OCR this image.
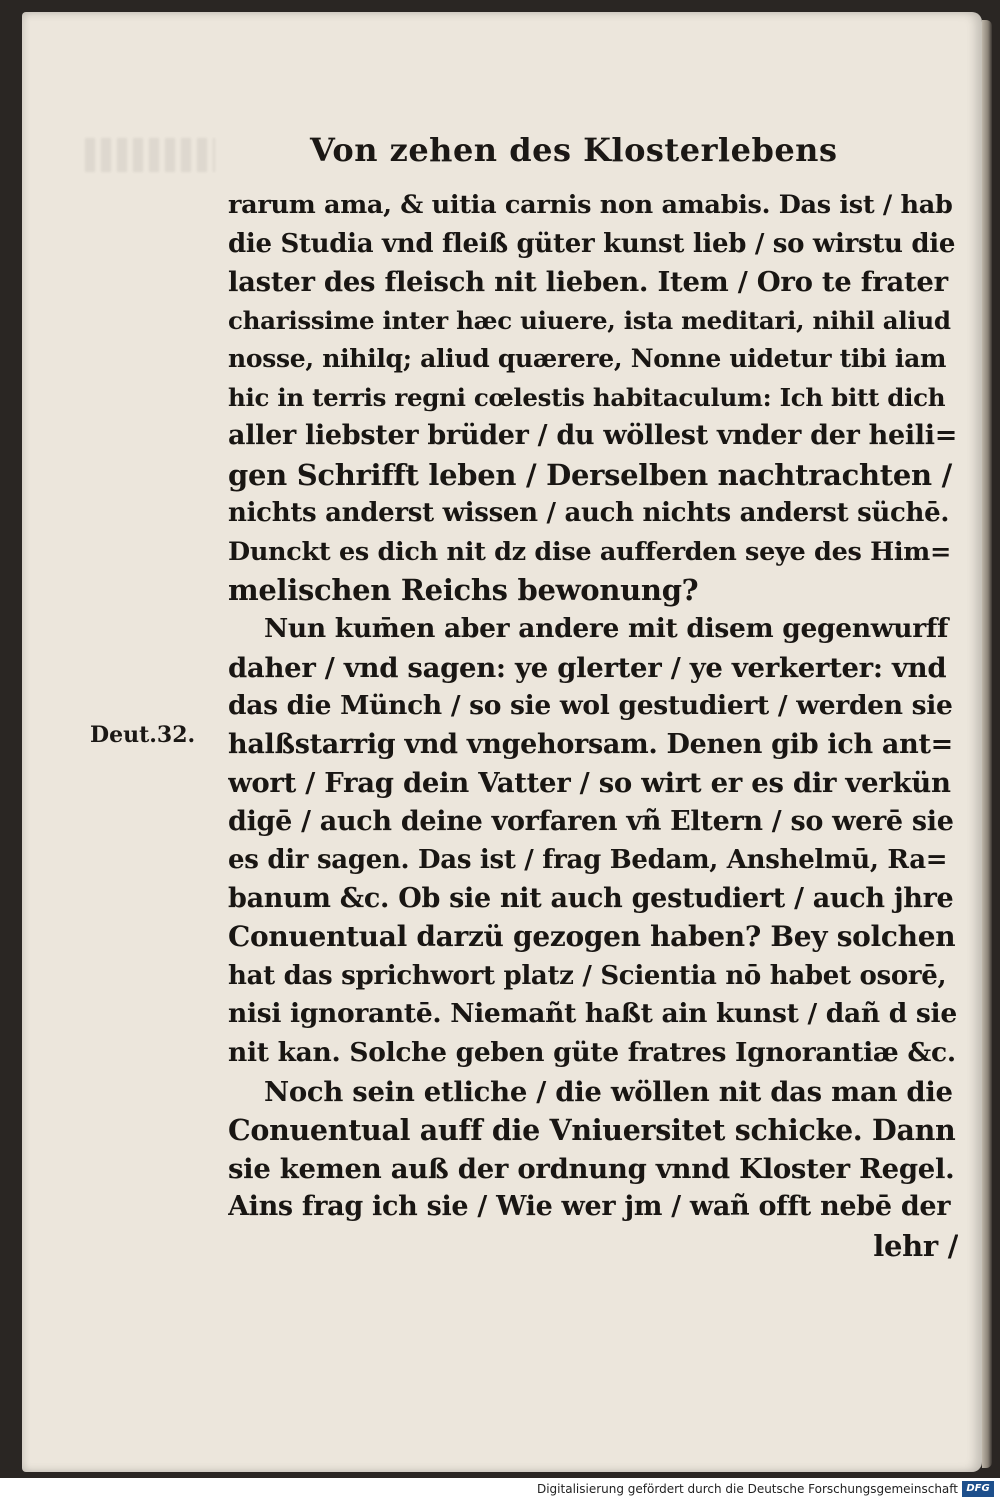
Von zehen des Klosterlebens
Deut.32.
rarum ama, & uitia carnis non amabis. Das ist / hab
die Studia vnd fleiß güter kunst lieb / so wirstu die
laster des fleisch nit lieben. Item / Oro te frater
charissime inter hæc uiuere, ista meditari, nihil aliud
nosse, nihilq; aliud quærere, Nonne uidetur tibi iam
hic in terris regni cœlestis habitaculum: Ich bitt dich
aller liebster brüder / du wöllest vnder der heili=
gen Schrifft leben / Derselben nachtrachten /
nichts anderst wissen / auch nichts anderst süchē.
Dunckt es dich nit dz dise aufferden seye des Him=
melischen Reichs bewonung?
Nun kum̄en aber andere mit disem gegenwurff
daher / vnd sagen: ye glerter / ye verkerter: vnd
das die Münch / so sie wol gestudiert / werden sie
halßstarrig vnd vngehorsam. Denen gib ich ant=
wort / Frag dein Vatter / so wirt er es dir verkün
digē / auch deine vorfaren vñ Eltern / so werē sie
es dir sagen. Das ist / frag Bedam, Anshelmū, Ra=
banum &c. Ob sie nit auch gestudiert / auch jhre
Conuentual darzü gezogen haben? Bey solchen
hat das sprichwort platz / Scientia nō habet osorē,
nisi ignorantē. Niemañt haßt ain kunst / dañ d sie
nit kan. Solche geben güte fratres Ignorantiæ &c.
Noch sein etliche / die wöllen nit das man die
Conuentual auff die Vniuersitet schicke. Dann
sie kemen auß der ordnung vnnd Kloster Regel.
Ains frag ich sie / Wie wer jm / wañ offt nebē der
lehr /
Digitalisierung gefördert durch die Deutsche Forschungsgemeinschaft DFG
